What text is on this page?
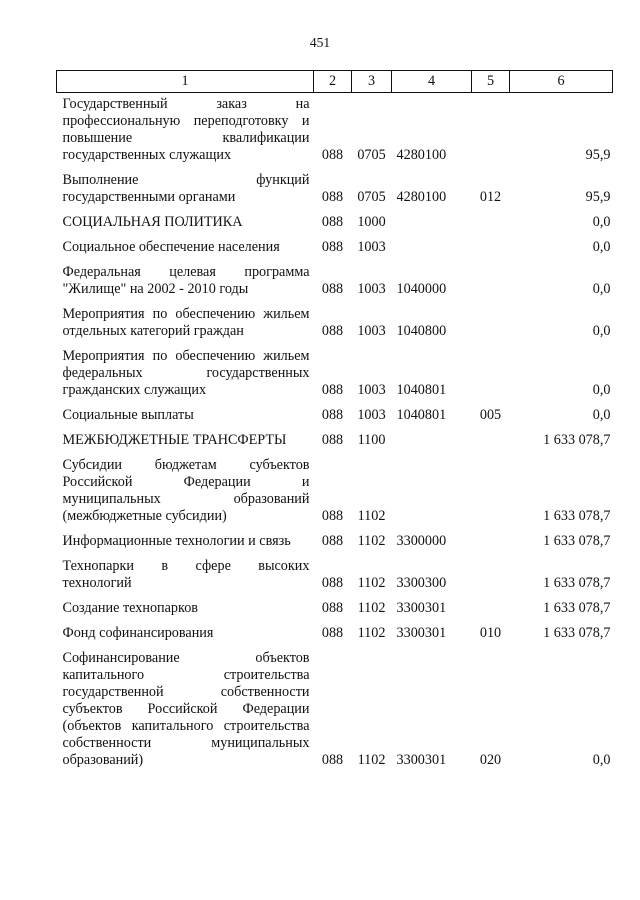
451
1	2	3	4	5	6
Государственный заказ на профессиональную переподготовку и повышение квалификации государственных служащих	088	0705	4280100		95,9
Выполнение функций государственными органами	088	0705	4280100	012	95,9
СОЦИАЛЬНАЯ ПОЛИТИКА	088	1000			0,0
Социальное обеспечение населения	088	1003			0,0
Федеральная целевая программа "Жилище" на 2002 - 2010 годы	088	1003	1040000		0,0
Мероприятия по обеспечению жильем отдельных категорий граждан	088	1003	1040800		0,0
Мероприятия по обеспечению жильем федеральных государственных гражданских служащих	088	1003	1040801		0,0
Социальные выплаты	088	1003	1040801	005	0,0
МЕЖБЮДЖЕТНЫЕ ТРАНСФЕРТЫ	088	1100			1 633 078,7
Субсидии бюджетам субъектов Российской Федерации и муниципальных образований (межбюджетные субсидии)	088	1102			1 633 078,7
Информационные технологии и связь	088	1102	3300000		1 633 078,7
Технопарки в сфере высоких технологий	088	1102	3300300		1 633 078,7
Создание технопарков	088	1102	3300301		1 633 078,7
Фонд софинансирования	088	1102	3300301	010	1 633 078,7
Софинансирование объектов капитального строительства государственной собственности субъектов Российской Федерации (объектов капитального строительства собственности муниципальных образований)	088	1102	3300301	020	0,0
